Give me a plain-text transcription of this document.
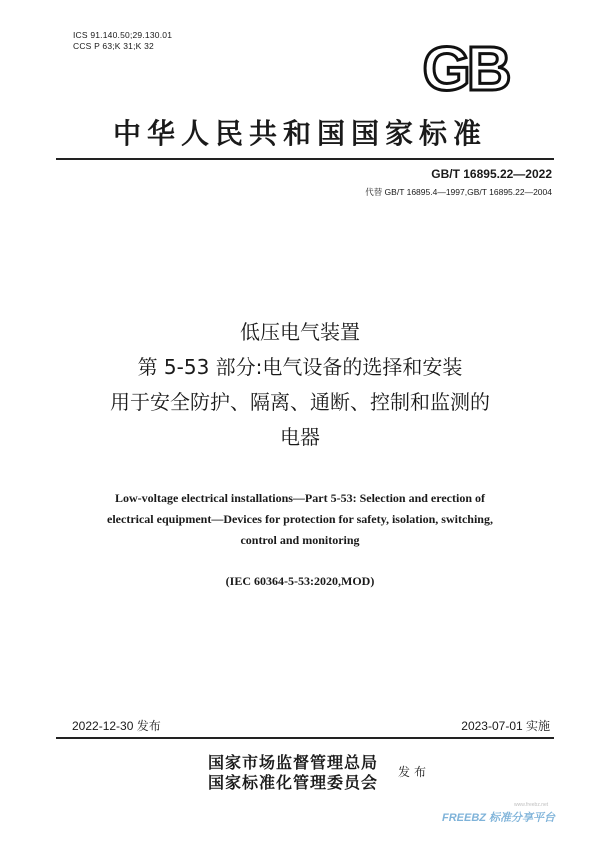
ICS 91.140.50;29.130.01
CCS P 63;K 31;K 32	GB
中华人民共和国国家标准
GB/T 16895.22—2022
代替 GB/T 16895.4—1997,GB/T 16895.22—2004
低压电气装置
第 5-53 部分:电气设备的选择和安装
用于安全防护、隔离、通断、控制和监测的
电器
Low-voltage electrical installations—Part 5-53: Selection and erection of
electrical equipment—Devices for protection for safety, isolation, switching,
control and monitoring
(IEC 60364-5-53:2020,MOD)
2022-12-30 发布	2023-07-01 实施
国家市场监督管理总局
国家标准化管理委员会
发布
www.freebz.net
FREEBZ 标准分享平台
